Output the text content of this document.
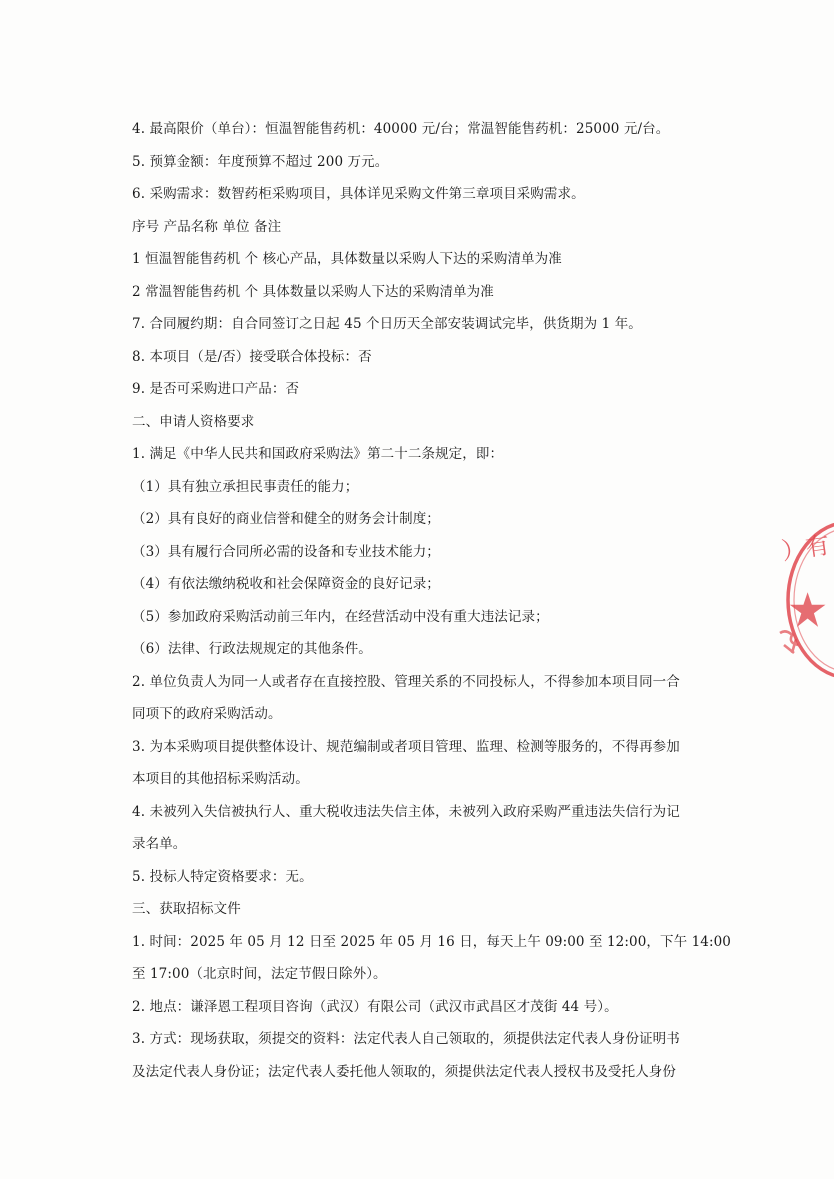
4. 最高限价（单台）：恒温智能售药机：40000 元/台；常温智能售药机：25000 元/台。

5. 预算金额：年度预算不超过 200 万元。

6. 采购需求：数智药柜采购项目，具体详见采购文件第三章项目采购需求。

序号 产品名称 单位 备注

1 恒温智能售药机 个 核心产品，具体数量以采购人下达的采购清单为准

2 常温智能售药机 个 具体数量以采购人下达的采购清单为准

7. 合同履约期：自合同签订之日起 45 个日历天全部安装调试完毕，供货期为 1 年。

8. 本项目（是/否）接受联合体投标：否

9. 是否可采购进口产品：否

二、申请人资格要求

1. 满足《中华人民共和国政府采购法》第二十二条规定，即：

（1）具有独立承担民事责任的能力；

（2）具有良好的商业信誉和健全的财务会计制度；

（3）具有履行合同所必需的设备和专业技术能力；

（4）有依法缴纳税收和社会保障资金的良好记录；

（5）参加政府采购活动前三年内，在经营活动中没有重大违法记录；

（6）法律、行政法规规定的其他条件。

2. 单位负责人为同一人或者存在直接控股、管理关系的不同投标人，不得参加本项目同一合

同项下的政府采购活动。

3. 为本采购项目提供整体设计、规范编制或者项目管理、监理、检测等服务的，不得再参加

本项目的其他招标采购活动。

4. 未被列入失信被执行人、重大税收违法失信主体，未被列入政府采购严重违法失信行为记

录名单。

5. 投标人特定资格要求：无。

三、获取招标文件

1. 时间：2025 年 05 月 12 日至 2025 年 05 月 16 日，每天上午 09:00 至 12:00，下午 14:00

至 17:00（北京时间，法定节假日除外）。

2. 地点：谦泽恩工程项目咨询（武汉）有限公司（武汉市武昌区才茂街 44 号）。

3. 方式：现场获取，须提交的资料：法定代表人自己领取的，须提供法定代表人身份证明书

及法定代表人身份证；法定代表人委托他人领取的，须提供法定代表人授权书及受托人身份

）有
